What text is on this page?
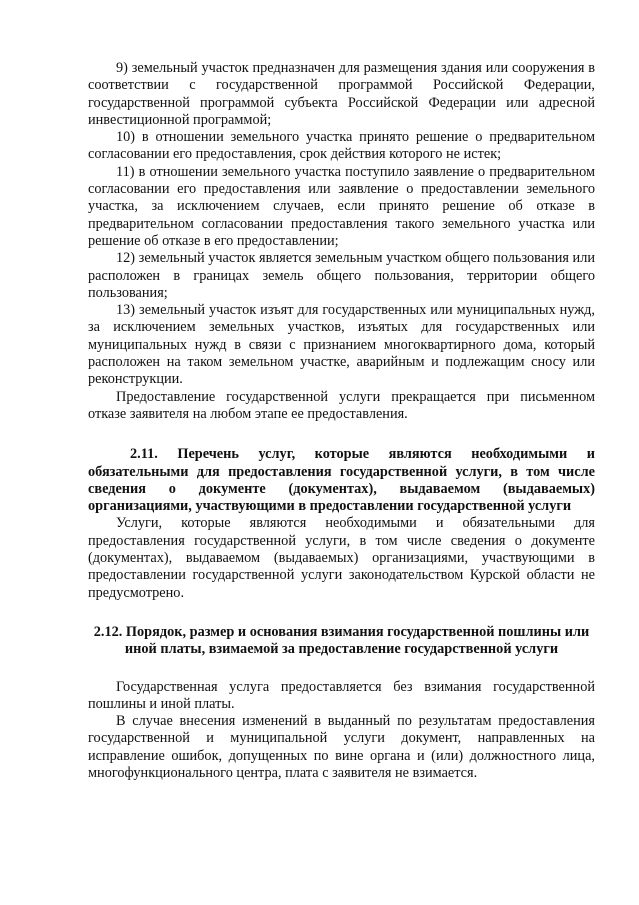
9) земельный участок предназначен для размещения здания или сооружения в соответствии с государственной программой Российской Федерации, государственной программой субъекта Российской Федерации или адресной инвестиционной программой;

10) в отношении земельного участка принято решение о предварительном согласовании его предоставления, срок действия которого не истек;

11) в отношении земельного участка поступило заявление о предварительном согласовании его предоставления или заявление о предоставлении земельного участка, за исключением случаев, если принято решение об отказе в предварительном согласовании предоставления такого земельного участка или решение об отказе в его предоставлении;

12) земельный участок является земельным участком общего пользования или расположен в границах земель общего пользования, территории общего пользования;

13) земельный участок изъят для государственных или муниципальных нужд, за исключением земельных участков, изъятых для государственных или муниципальных нужд в связи с признанием многоквартирного дома, который расположен на таком земельном участке, аварийным и подлежащим сносу или реконструкции.

Предоставление государственной услуги прекращается при письменном отказе заявителя на любом этапе ее предоставления.

2.11. Перечень услуг, которые являются необходимыми и обязательными для предоставления государственной услуги, в том числе сведения о документе (документах), выдаваемом (выдаваемых) организациями, участвующими в предоставлении государственной услуги

Услуги, которые являются необходимыми и обязательными для предоставления государственной услуги, в том числе сведения о документе (документах), выдаваемом (выдаваемых) организациями, участвующими в предоставлении государственной услуги законодательством Курской области не предусмотрено.

2.12. Порядок, размер и основания взимания государственной пошлины или иной платы, взимаемой за предоставление государственной услуги

Государственная услуга предоставляется без взимания государственной пошлины и иной платы.

В случае внесения изменений в выданный по результатам предоставления государственной и муниципальной услуги документ, направленных на исправление ошибок, допущенных по вине органа и (или) должностного лица, многофункционального центра, плата с заявителя не взимается.
